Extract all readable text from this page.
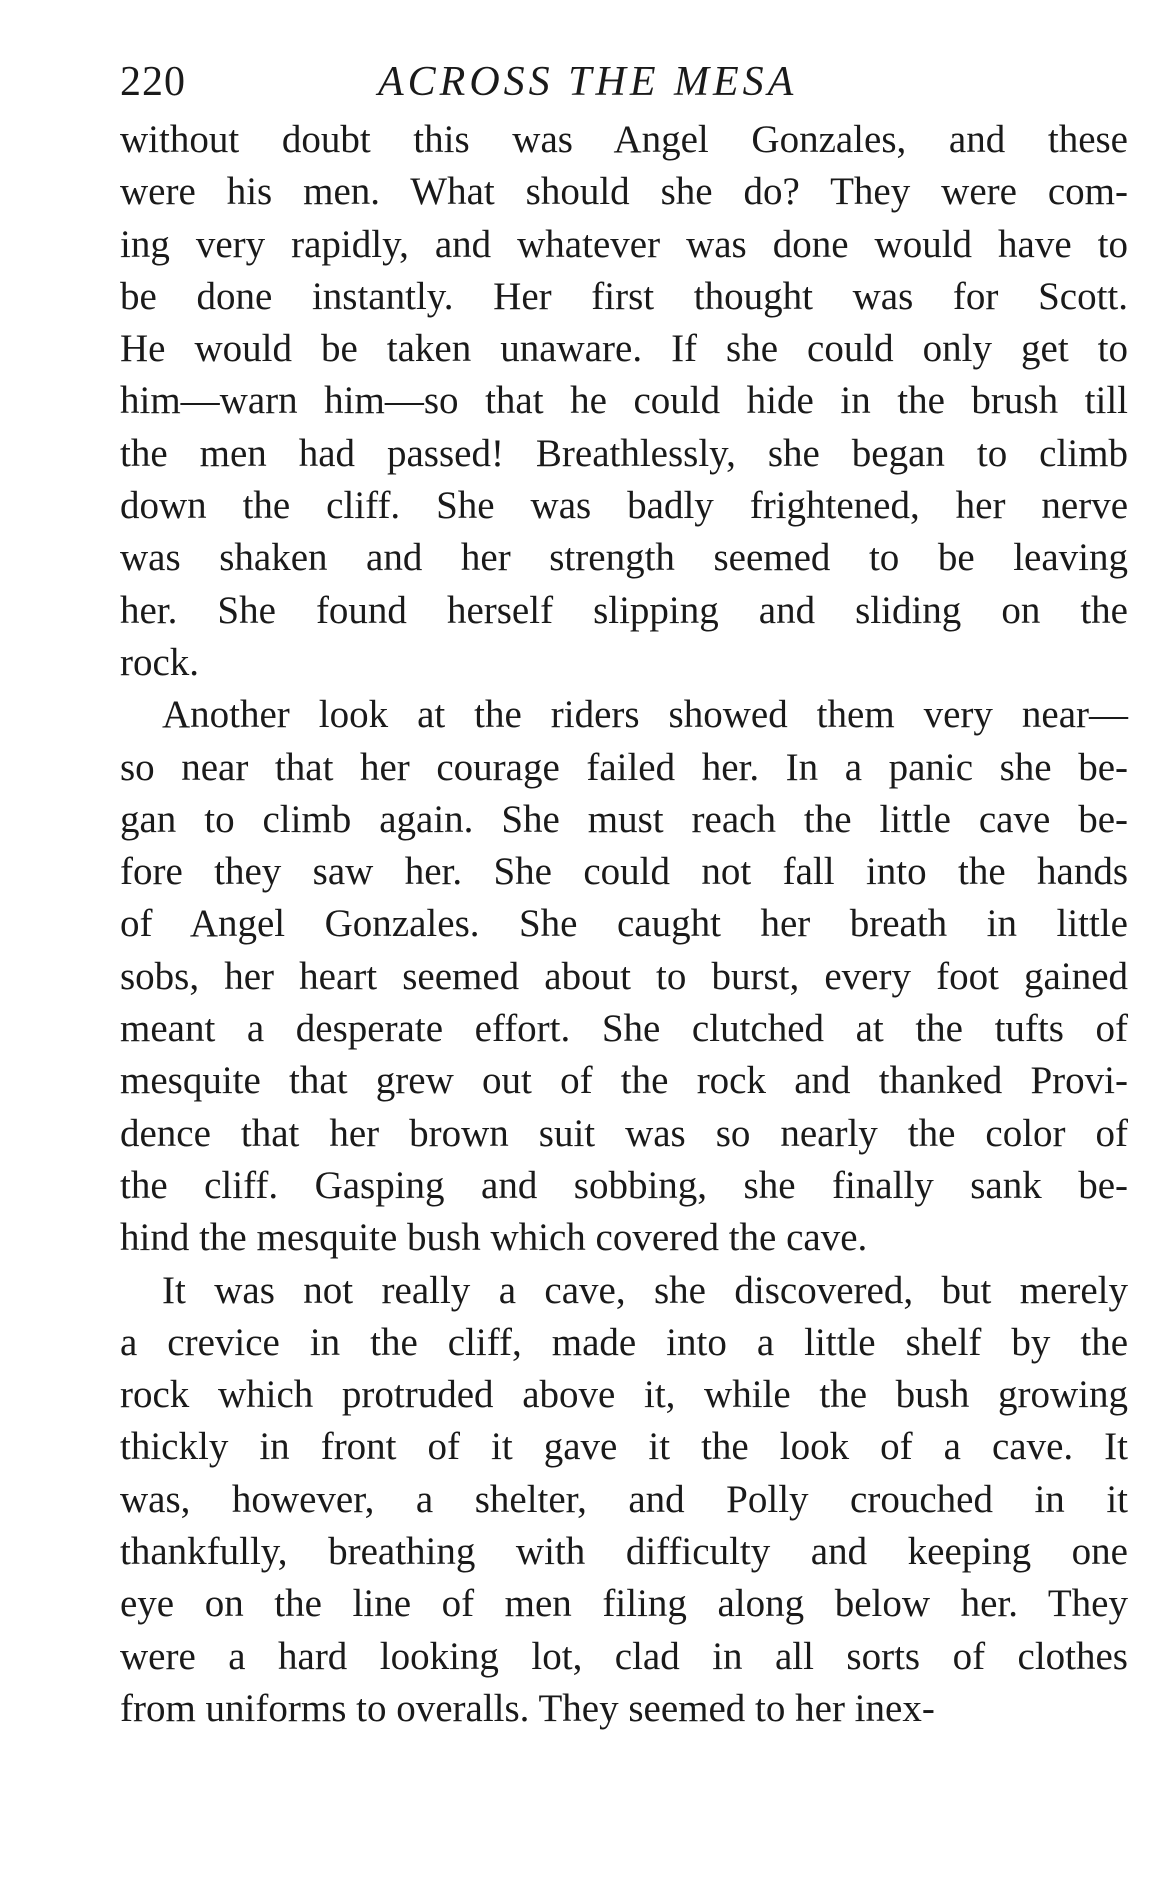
220	ACROSS THE MESA

without doubt this was Angel Gonzales, and these
were his men. What should she do? They were com-
ing very rapidly, and whatever was done would have to
be done instantly. Her first thought was for Scott.
He would be taken unaware. If she could only get to
him—warn him—so that he could hide in the brush till
the men had passed! Breathlessly, she began to climb
down the cliff. She was badly frightened, her nerve
was shaken and her strength seemed to be leaving
her. She found herself slipping and sliding on the
rock.

Another look at the riders showed them very near—
so near that her courage failed her. In a panic she be-
gan to climb again. She must reach the little cave be-
fore they saw her. She could not fall into the hands
of Angel Gonzales. She caught her breath in little
sobs, her heart seemed about to burst, every foot gained
meant a desperate effort. She clutched at the tufts of
mesquite that grew out of the rock and thanked Provi-
dence that her brown suit was so nearly the color of
the cliff. Gasping and sobbing, she finally sank be-
hind the mesquite bush which covered the cave.

It was not really a cave, she discovered, but merely
a crevice in the cliff, made into a little shelf by the
rock which protruded above it, while the bush growing
thickly in front of it gave it the look of a cave. It
was, however, a shelter, and Polly crouched in it
thankfully, breathing with difficulty and keeping one
eye on the line of men filing along below her. They
were a hard looking lot, clad in all sorts of clothes
from uniforms to overalls. They seemed to her inex-
